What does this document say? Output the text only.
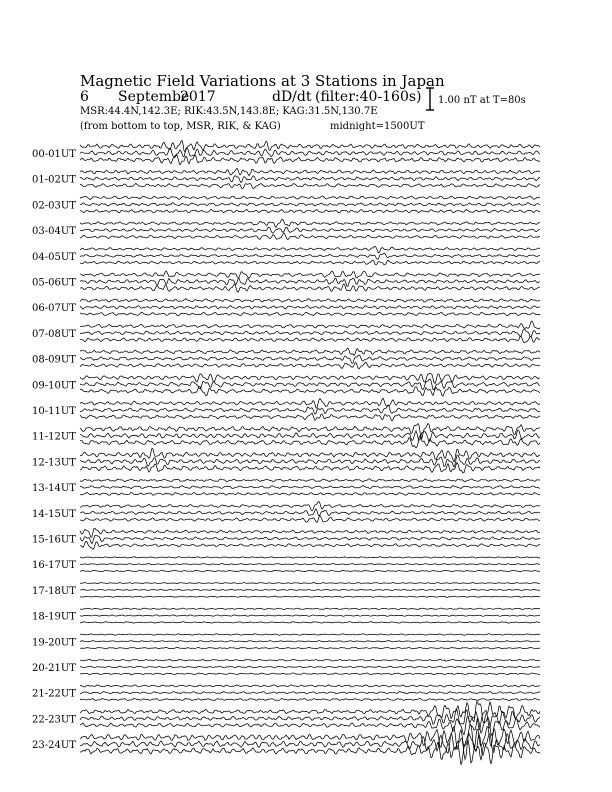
Magnetic Field Variations at 3 Stations in Japan
6 Septembe
2017	dD/dt (filter:40-160s)
MSR:44.4N,142.3E; RIK:43.5N,143.8E; KAG:31.5N,130.7E
(from bottom to top, MSR, RIK, & KAG)	midnight=1500UT
1.00 nT at T=80s
00-01UT
01-02UT
02-03UT
03-04UT
04-05UT
05-06UT
06-07UT
07-08UT
08-09UT
09-10UT
10-11UT
11-12UT
12-13UT
13-14UT
14-15UT
15-16UT
16-17UT
17-18UT
18-19UT
19-20UT
20-21UT
21-22UT
22-23UT
23-24UT
